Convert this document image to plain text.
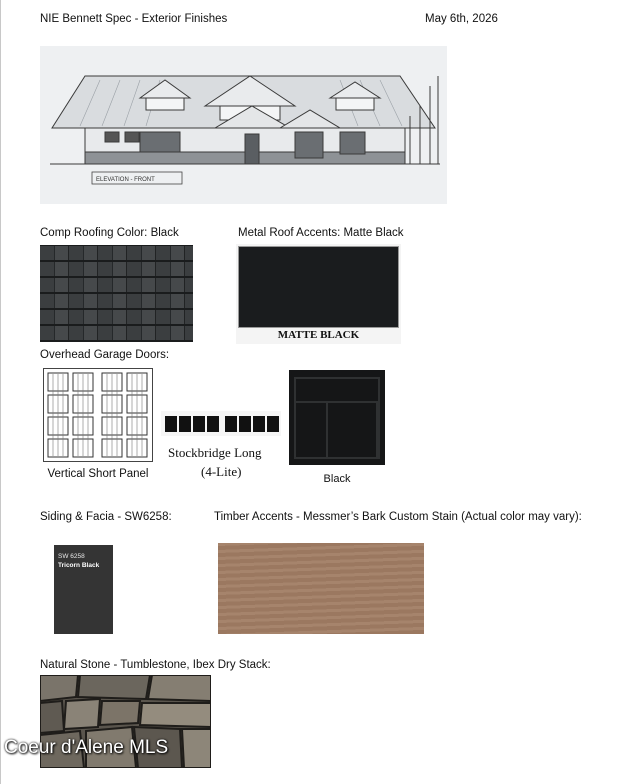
NIE Bennett Spec - Exterior Finishes	May 6th, 2026
ELEVATION - FRONT
Comp Roofing Color: Black	Metal Roof Accents: Matte Black
MATTE BLACK
Overhead Garage Doors:
Vertical Short Panel
Stockbridge Long
(4-Lite)	Black
Siding & Facia - SW6258:
SW 6258
Tricorn Black
Timber Accents - Messmer’s Bark Custom Stain (Actual color may vary):
Natural Stone - Tumblestone, Ibex Dry Stack:
Coeur d'Alene MLS
